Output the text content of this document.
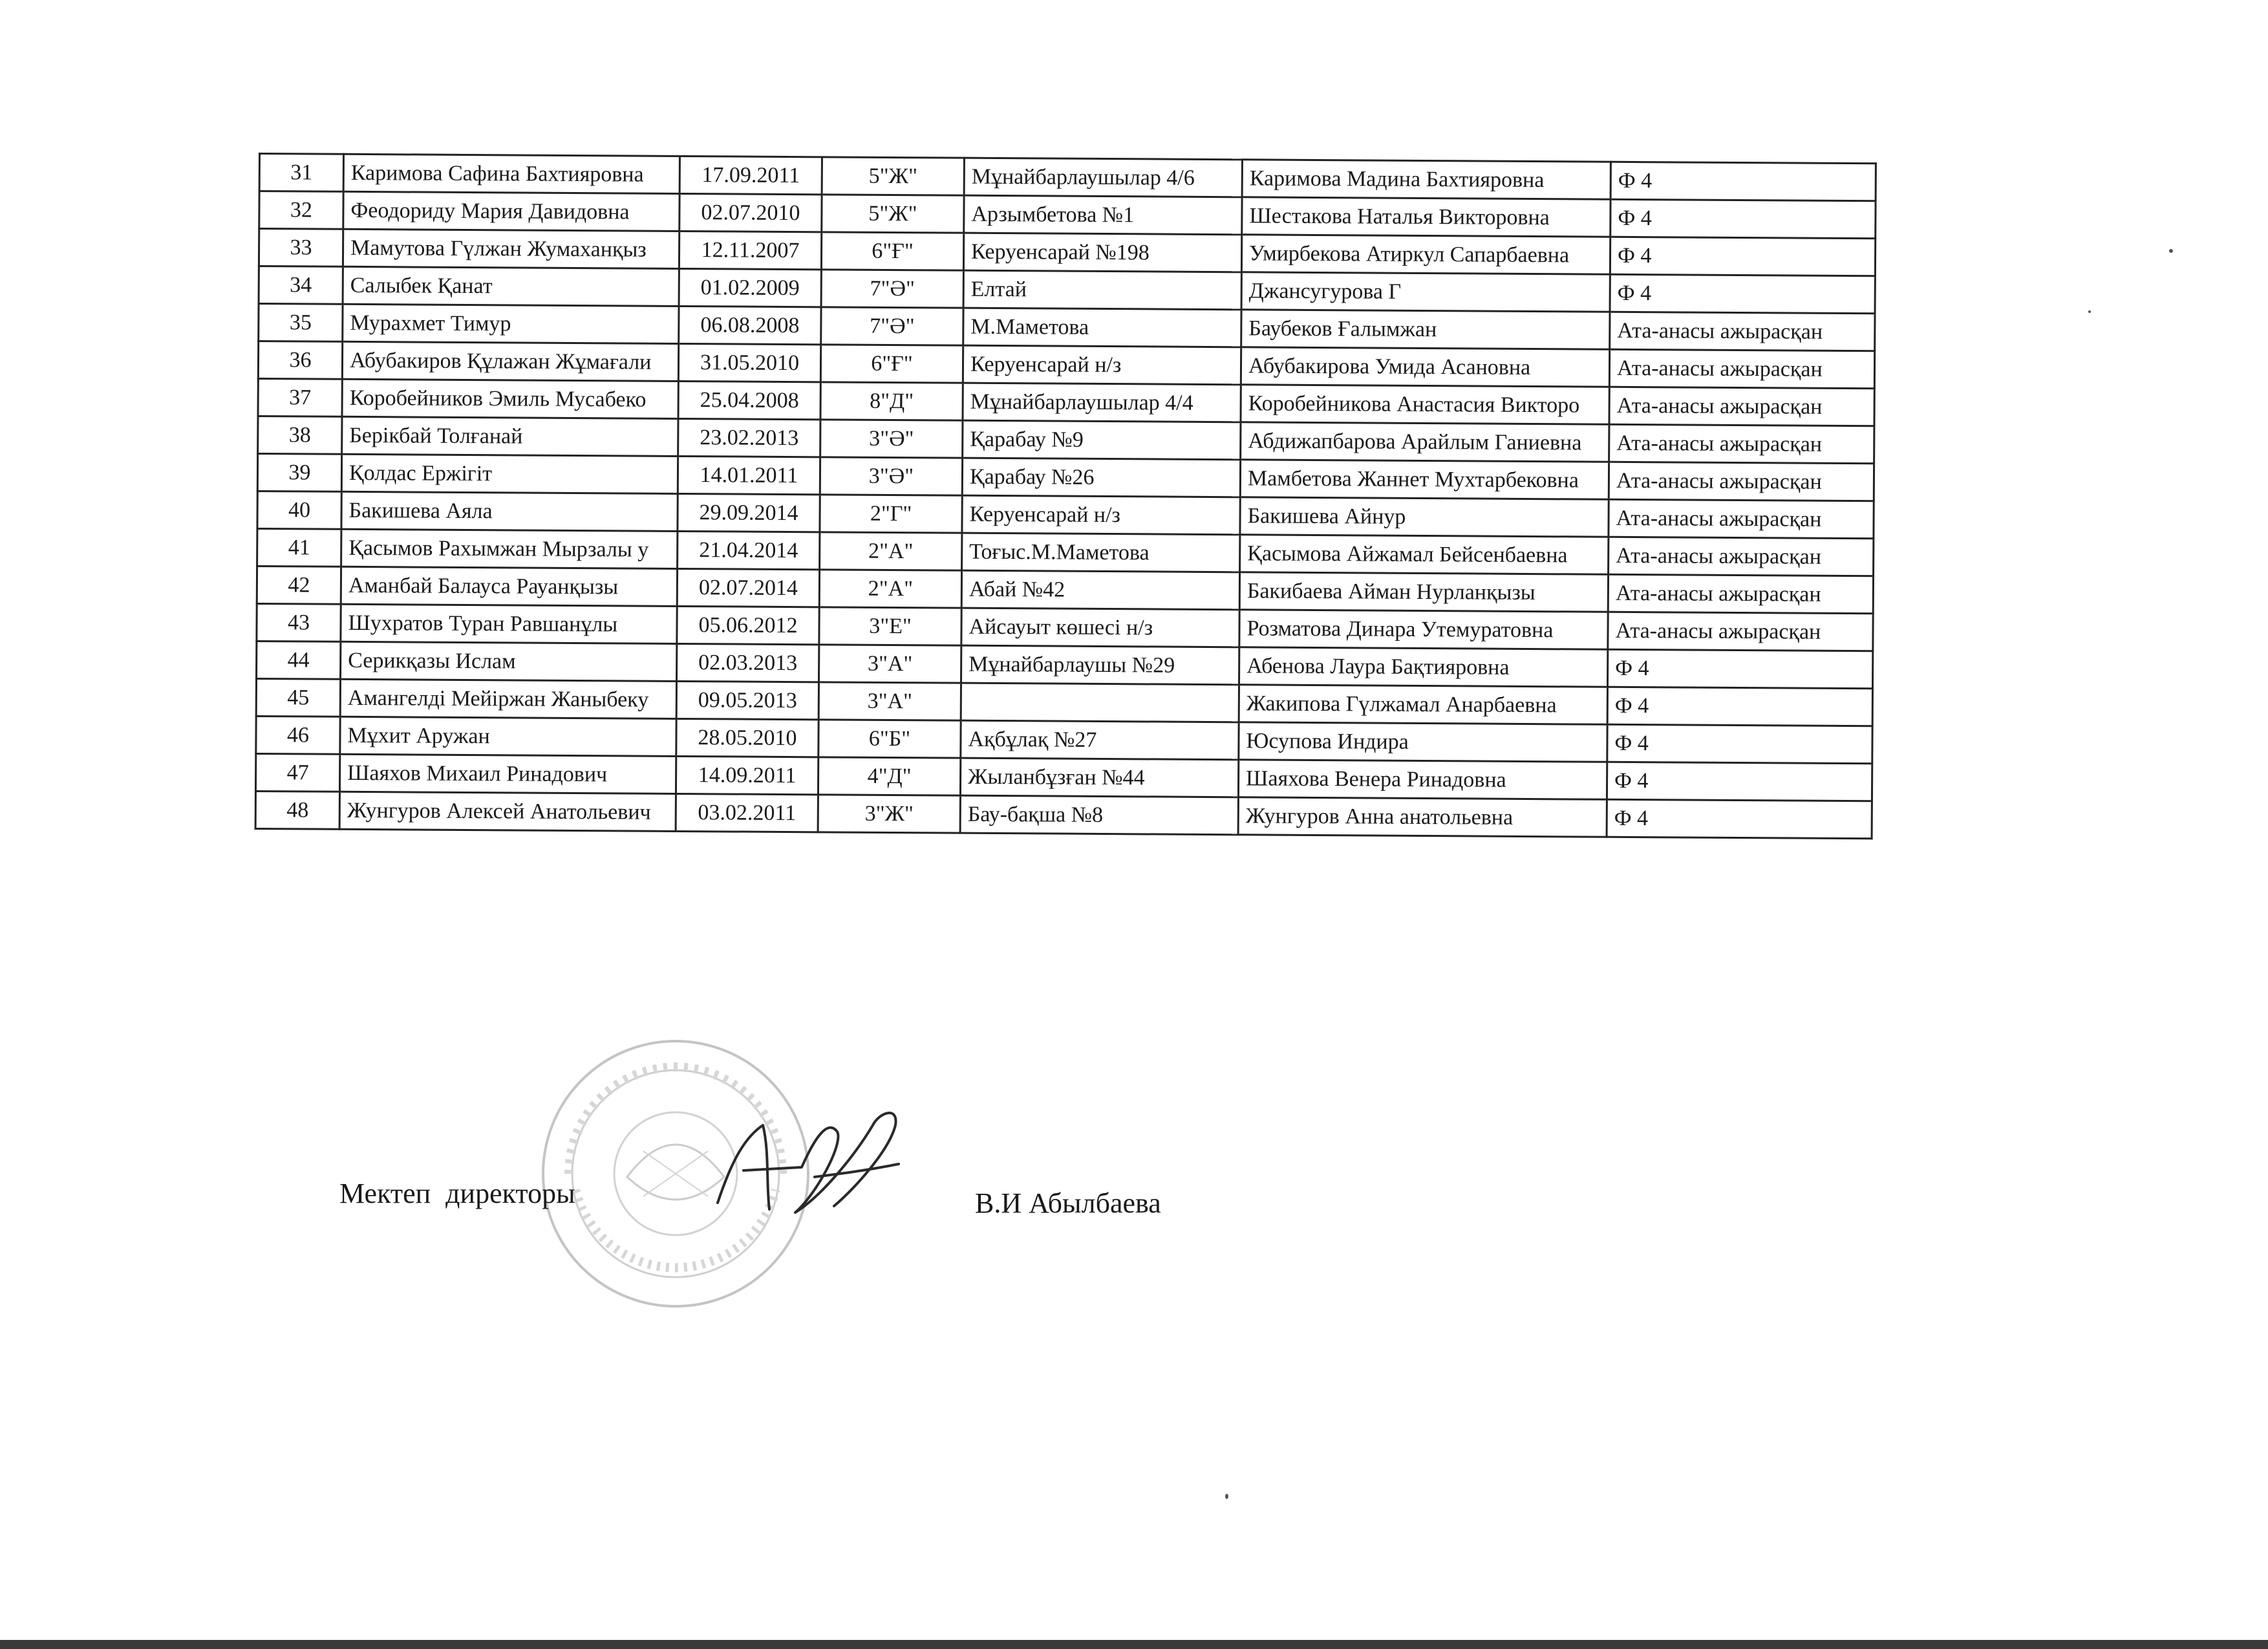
31	Каримова Сафина Бахтияровна	17.09.2011	5"Ж"	Мұнайбарлаушылар 4/6	Каримова Мадина Бахтияровна	Ф 4
32	Феодориду Мария Давидовна	02.07.2010	5"Ж"	Арзымбетова №1	Шестакова Наталья Викторовна	Ф 4
33	Мамутова Гүлжан Жумаханқыз	12.11.2007	6"Ғ"	Керуенсарай №198	Умирбекова Атиркул Сапарбаевна	Ф 4
34	Салыбек Қанат	01.02.2009	7"Ә"	Елтай	Джансугурова Г	Ф 4
35	Мурахмет Тимур	06.08.2008	7"Ә"	М.Маметова	Баубеков Ғалымжан	Ата-анасы ажырасқан
36	Абубакиров Құлажан Жұмағали	31.05.2010	6"Ғ"	Керуенсарай н/з	Абубакирова Умида Асановна	Ата-анасы ажырасқан
37	Коробейников Эмиль Мусабеко	25.04.2008	8"Д"	Мұнайбарлаушылар 4/4	Коробейникова Анастасия Викторо	Ата-анасы ажырасқан
38	Берікбай Толғанай	23.02.2013	3"Ә"	Қарабау №9	Абдижапбарова Арайлым Ганиевна	Ата-анасы ажырасқан
39	Қолдас Ержігіт	14.01.2011	3"Ә"	Қарабау №26	Мамбетова Жаннет Мухтарбековна	Ата-анасы ажырасқан
40	Бакишева Аяла	29.09.2014	2"Г"	Керуенсарай н/з	Бакишева Айнур	Ата-анасы ажырасқан
41	Қасымов Рахымжан Мырзалы у	21.04.2014	2"А"	Тоғыс.М.Маметова	Қасымова Айжамал Бейсенбаевна	Ата-анасы ажырасқан
42	Аманбай Балауса Рауанқызы	02.07.2014	2"А"	Абай №42	Бакибаева Айман Нурланқызы	Ата-анасы ажырасқан
43	Шухратов Туран Равшанұлы	05.06.2012	3"Е"	Айсауыт көшесі н/з	Розматова Динара Утемуратовна	Ата-анасы ажырасқан
44	Серикқазы Ислам	02.03.2013	3"А"	Мұнайбарлаушы №29	Абенова Лаура Бақтияровна	Ф 4
45	Амангелді Мейіржан Жаныбеку	09.05.2013	3"А"		Жакипова Гүлжамал Анарбаевна	Ф 4
46	Мұхит Аружан	28.05.2010	6"Б"	Ақбұлақ №27	Юсупова Индира	Ф 4
47	Шаяхов Михаил Ринадович	14.09.2011	4"Д"	Жыланбұзған №44	Шаяхова Венера Ринадовна	Ф 4
48	Жунгуров Алексей Анатольевич	03.02.2011	3"Ж"	Бау-бақша №8	Жунгуров Анна анатольевна	Ф 4
Мектеп директоры	В.И Абылбаева
